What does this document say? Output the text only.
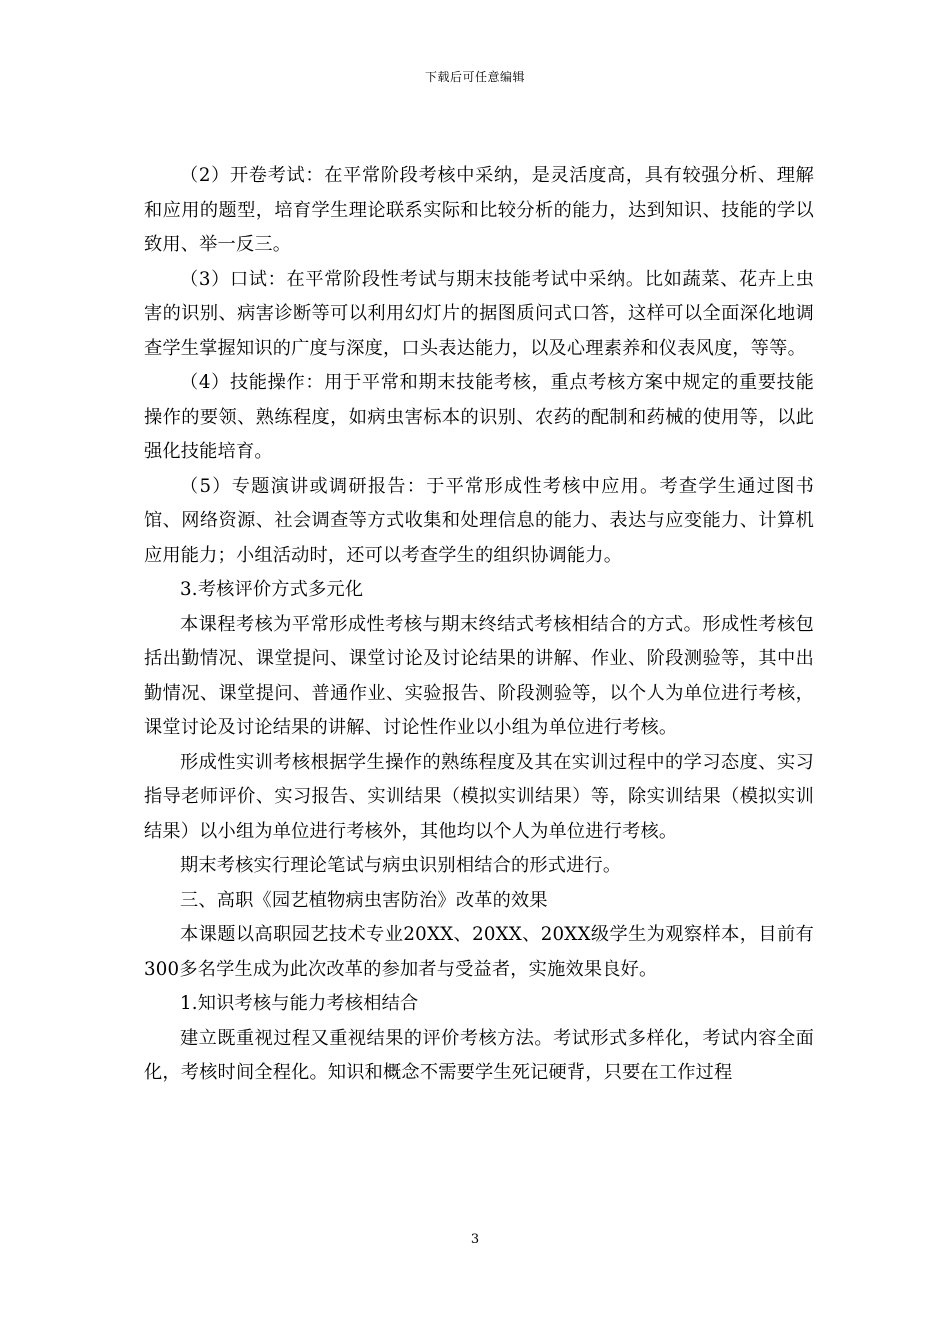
下载后可任意编辑

（2）开卷考试：在平常阶段考核中采纳，是灵活度高，具有较强分析、理解和应用的题型，培育学生理论联系实际和比较分析的能力，达到知识、技能的学以致用、举一反三。

（3）口试：在平常阶段性考试与期末技能考试中采纳。比如蔬菜、花卉上虫害的识别、病害诊断等可以利用幻灯片的据图质问式口答，这样可以全面深化地调查学生掌握知识的广度与深度，口头表达能力，以及心理素养和仪表风度，等等。

（4）技能操作：用于平常和期末技能考核，重点考核方案中规定的重要技能操作的要领、熟练程度，如病虫害标本的识别、农药的配制和药械的使用等，以此强化技能培育。

（5）专题演讲或调研报告：于平常形成性考核中应用。考查学生通过图书馆、网络资源、社会调查等方式收集和处理信息的能力、表达与应变能力、计算机应用能力；小组活动时，还可以考查学生的组织协调能力。

3.考核评价方式多元化

本课程考核为平常形成性考核与期末终结式考核相结合的方式。形成性考核包括出勤情况、课堂提问、课堂讨论及讨论结果的讲解、作业、阶段测验等，其中出勤情况、课堂提问、普通作业、实验报告、阶段测验等，以个人为单位进行考核，课堂讨论及讨论结果的讲解、讨论性作业以小组为单位进行考核。

形成性实训考核根据学生操作的熟练程度及其在实训过程中的学习态度、实习指导老师评价、实习报告、实训结果（模拟实训结果）等，除实训结果（模拟实训结果）以小组为单位进行考核外，其他均以个人为单位进行考核。

期末考核实行理论笔试与病虫识别相结合的形式进行。

三、高职《园艺植物病虫害防治》改革的效果

本课题以高职园艺技术专业20XX、20XX、20XX级学生为观察样本，目前有300多名学生成为此次改革的参加者与受益者，实施效果良好。

1.知识考核与能力考核相结合

建立既重视过程又重视结果的评价考核方法。考试形式多样化，考试内容全面化，考核时间全程化。知识和概念不需要学生死记硬背，只要在工作过程

3
